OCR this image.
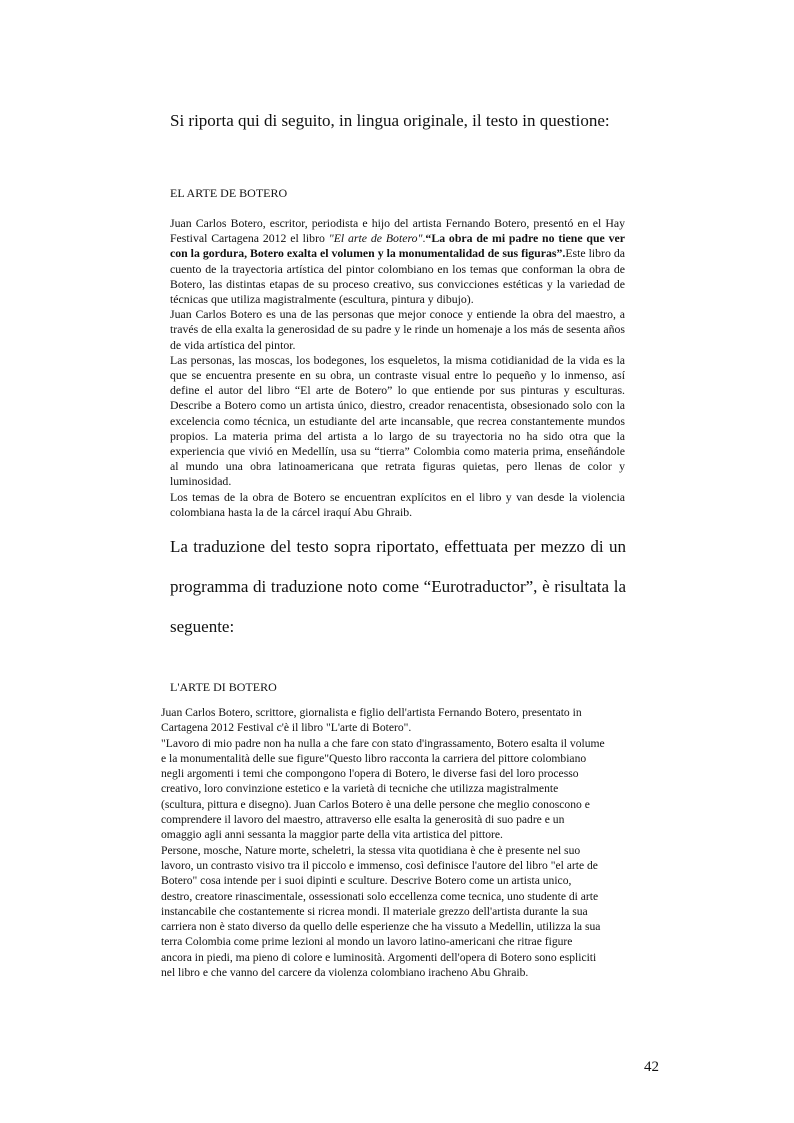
Si riporta qui di seguito, in lingua originale, il testo in questione:
EL ARTE DE BOTERO

Juan Carlos Botero, escritor, periodista e hijo del artista Fernando Botero, presentó en el Hay Festival Cartagena 2012 el libro "El arte de Botero".“La obra de mi padre no tiene que ver con la gordura, Botero exalta el volumen y la monumentalidad de sus figuras”.Este libro da cuento de la trayectoria artística del pintor colombiano en los temas que conforman la obra de Botero, las distintas etapas de su proceso creativo, sus convicciones estéticas y la variedad de técnicas que utiliza magistralmente (escultura, pintura y dibujo).

Juan Carlos Botero es una de las personas que mejor conoce y entiende la obra del maestro, a través de ella exalta la generosidad de su padre y le rinde un homenaje a los más de sesenta años de vida artística del pintor.

Las personas, las moscas, los bodegones, los esqueletos, la misma cotidianidad de la vida es la que se encuentra presente en su obra, un contraste visual entre lo pequeño y lo inmenso, así define el autor del libro “El arte de Botero” lo que entiende por sus pinturas y esculturas. Describe a Botero como un artista único, diestro, creador renacentista, obsesionado solo con la excelencia como técnica, un estudiante del arte incansable, que recrea constantemente mundos propios. La materia prima del artista a lo largo de su trayectoria no ha sido otra que la experiencia que vivió en Medellín, usa su “tierra” Colombia como materia prima, enseñándole al mundo una obra latinoamericana que retrata figuras quietas, pero llenas de color y luminosidad.

Los temas de la obra de Botero se encuentran explícitos en el libro y van desde la violencia colombiana hasta la de la cárcel iraquí Abu Ghraib.

La traduzione del testo sopra riportato, effettuata per mezzo di un programma di traduzione noto come “Eurotraductor”, è risultata la seguente:
L'ARTE DI BOTERO
Juan Carlos Botero, scrittore, giornalista e figlio dell'artista Fernando Botero, presentato in
Cartagena 2012 Festival c'è il libro "L'arte di Botero".
"Lavoro di mio padre non ha nulla a che fare con stato d'ingrassamento, Botero esalta il volume
e la monumentalità delle sue figure"Questo libro racconta la carriera del pittore colombiano
negli argomenti i temi che compongono l'opera di Botero, le diverse fasi del loro processo
creativo, loro convinzione estetico e la varietà di tecniche che utilizza magistralmente
(scultura, pittura e disegno). Juan Carlos Botero è una delle persone che meglio conoscono e
comprendere il lavoro del maestro, attraverso elle esalta la generosità di suo padre e un
omaggio agli anni sessanta la maggior parte della vita artistica del pittore.
Persone, mosche, Nature morte, scheletri, la stessa vita quotidiana è che è presente nel suo
lavoro, un contrasto visivo tra il piccolo e immenso, così definisce l'autore del libro "el arte de
Botero" cosa intende per i suoi dipinti e sculture. Descrive Botero come un artista unico,
destro, creatore rinascimentale, ossessionati solo eccellenza come tecnica, uno studente di arte
instancabile che costantemente si ricrea mondi. Il materiale grezzo dell'artista durante la sua
carriera non è stato diverso da quello delle esperienze che ha vissuto a Medellin, utilizza la sua
terra Colombia come prime lezioni al mondo un lavoro latino-americani che ritrae figure
ancora in piedi, ma pieno di colore e luminosità. Argomenti dell'opera di Botero sono espliciti
nel libro e che vanno del carcere da violenza colombiano iracheno Abu Ghraib.
42
